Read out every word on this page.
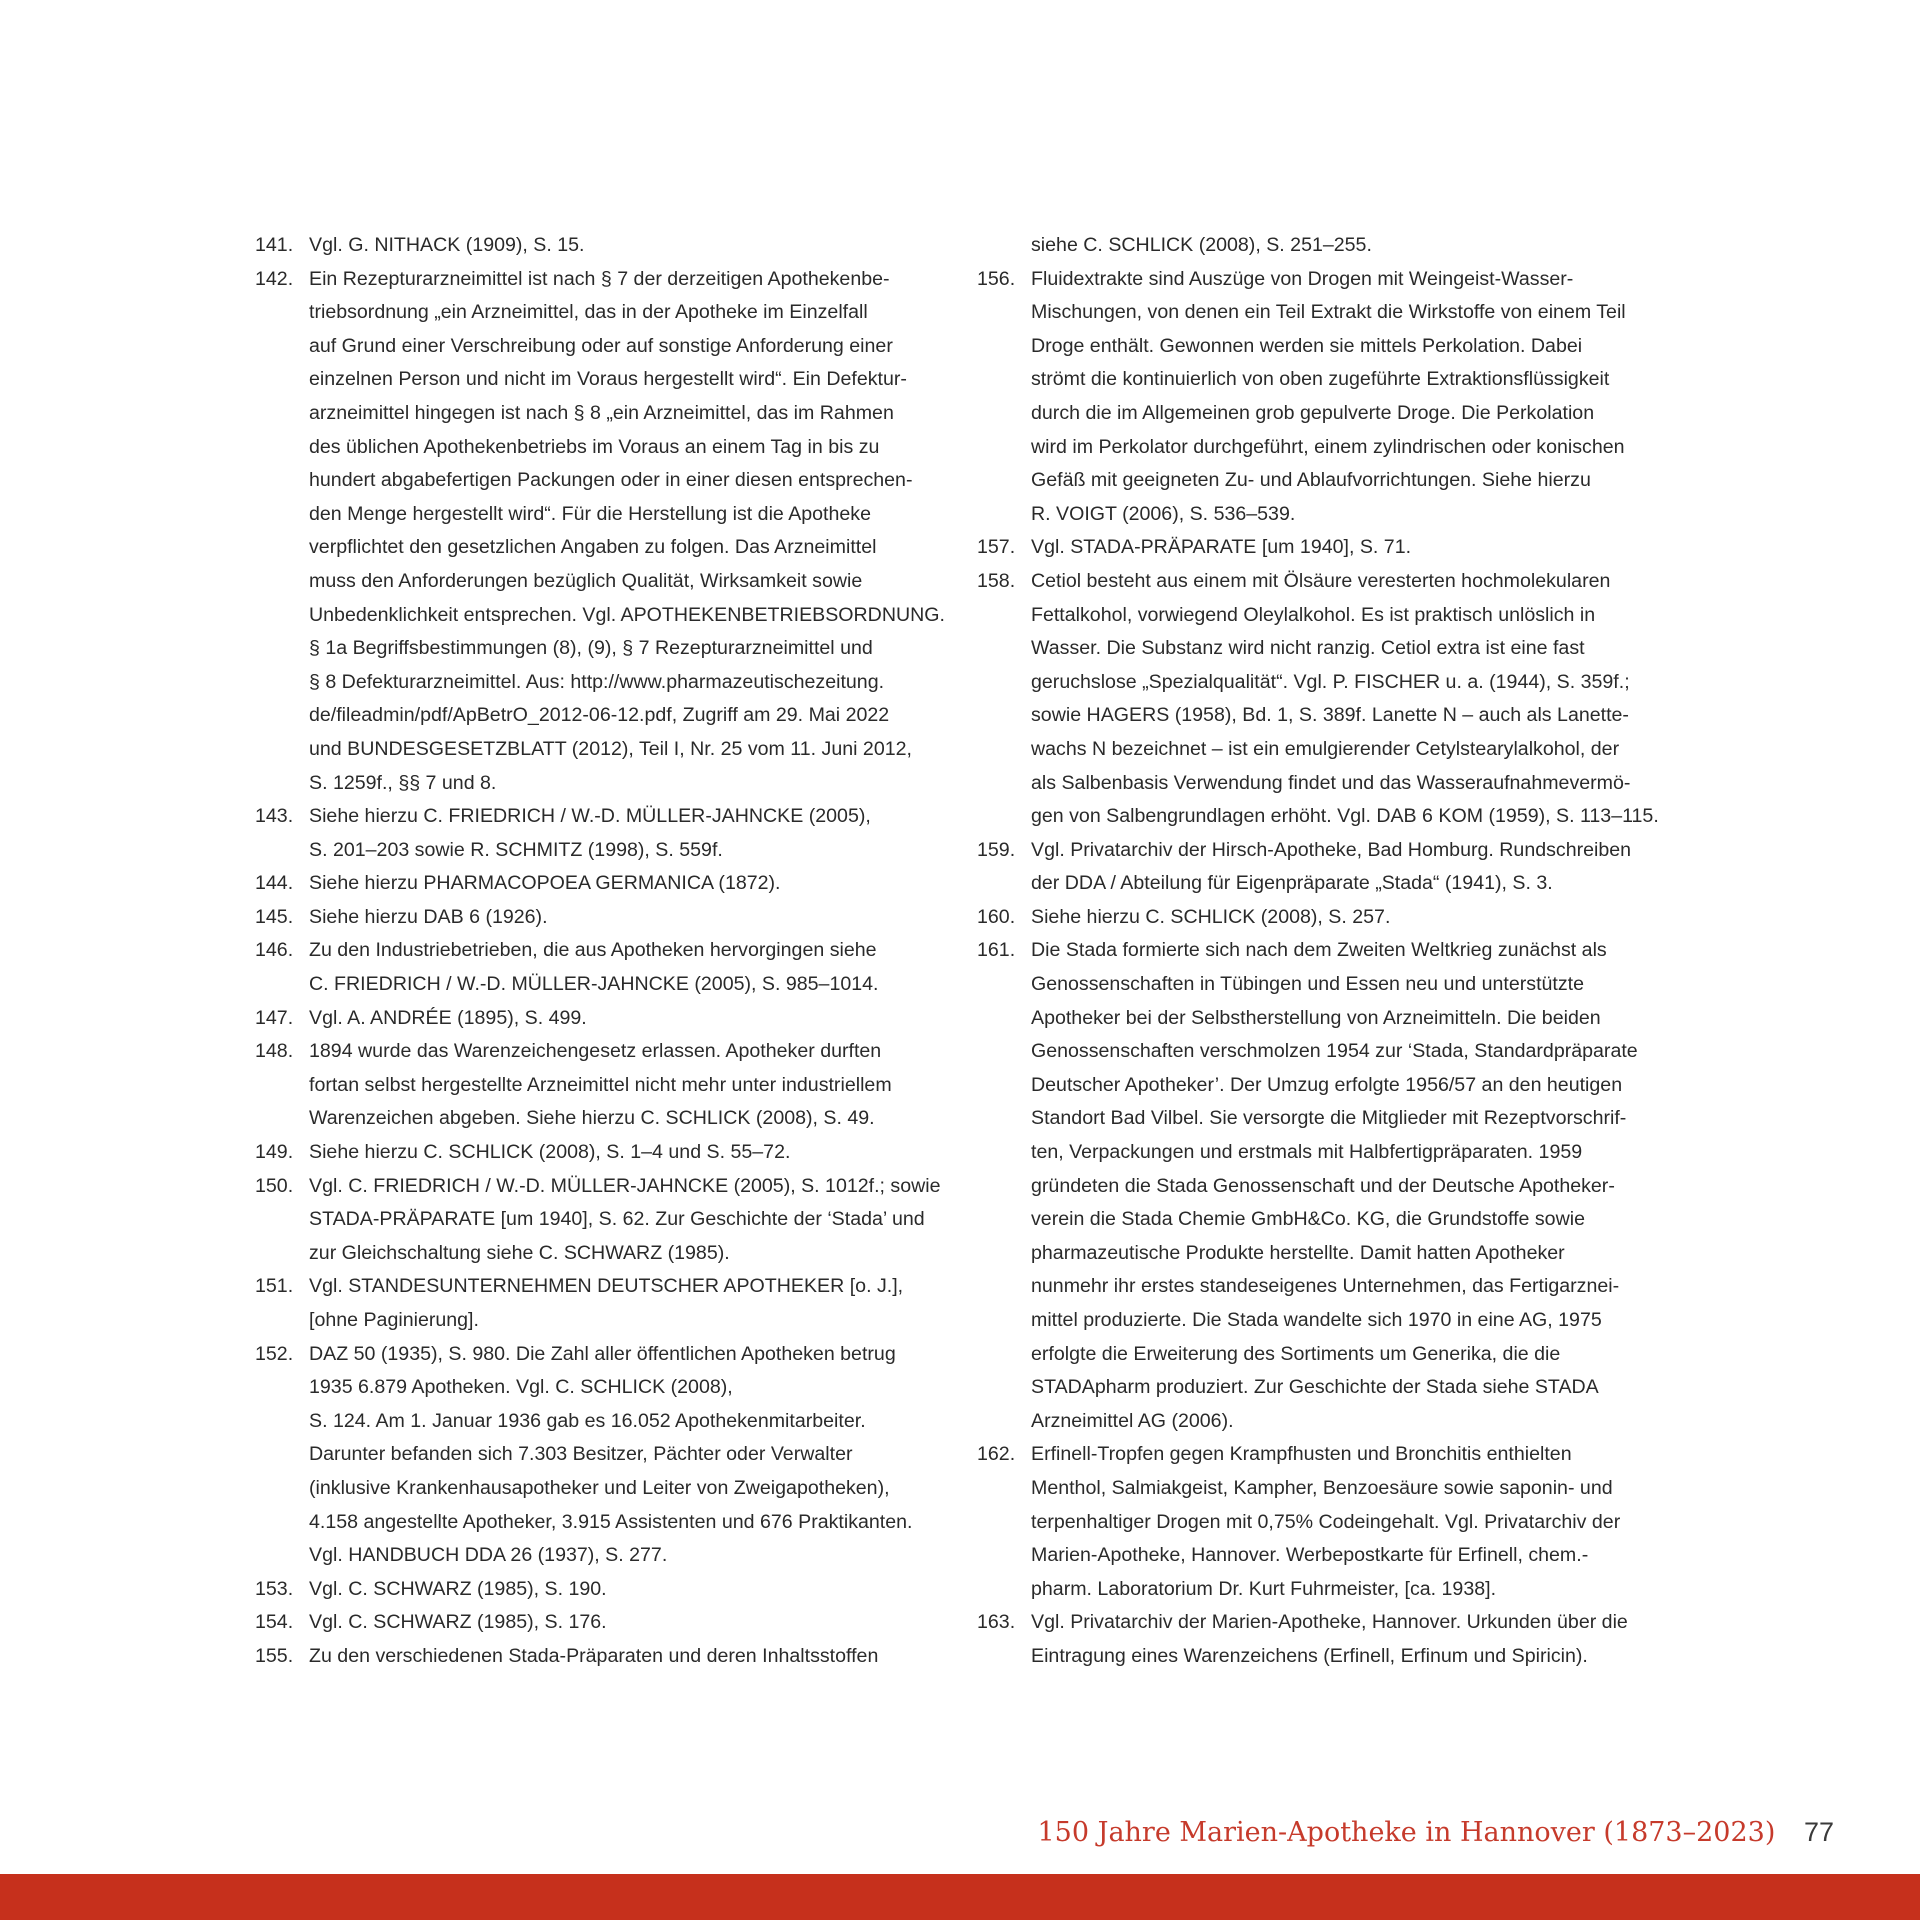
141. Vgl. G. NITHACK (1909), S. 15.
142. Ein Rezepturarzneimittel ist nach § 7 der derzeitigen Apothekenbe-
triebsordnung „ein Arzneimittel, das in der Apotheke im Einzelfall
auf Grund einer Verschreibung oder auf sonstige Anforderung einer
einzelnen Person und nicht im Voraus hergestellt wird“. Ein Defektur-
arzneimittel hingegen ist nach § 8 „ein Arzneimittel, das im Rahmen
des üblichen Apothekenbetriebs im Voraus an einem Tag in bis zu
hundert abgabefertigen Packungen oder in einer diesen entsprechen-
den Menge hergestellt wird“. Für die Herstellung ist die Apotheke
verpflichtet den gesetzlichen Angaben zu folgen. Das Arzneimittel
muss den Anforderungen bezüglich Qualität, Wirksamkeit sowie
Unbedenklichkeit entsprechen. Vgl. APOTHEKENBETRIEBSORDNUNG.
§ 1a Begriffsbestimmungen (8), (9), § 7 Rezepturarzneimittel und
§ 8 Defekturarzneimittel. Aus: http://www.pharmazeutischezeitung.
de/fileadmin/pdf/ApBetrO_2012-06-12.pdf, Zugriff am 29. Mai 2022
und BUNDESGESETZBLATT (2012), Teil I, Nr. 25 vom 11. Juni 2012,
S. 1259f., §§ 7 und 8.
143. Siehe hierzu C. FRIEDRICH / W.-D. MÜLLER-JAHNCKE (2005),
S. 201–203 sowie R. SCHMITZ (1998), S. 559f.
144. Siehe hierzu PHARMACOPOEA GERMANICA (1872).
145. Siehe hierzu DAB 6 (1926).
146. Zu den Industriebetrieben, die aus Apotheken hervorgingen siehe
C. FRIEDRICH / W.-D. MÜLLER-JAHNCKE (2005), S. 985–1014.
147. Vgl. A. ANDRÉE (1895), S. 499.
148. 1894 wurde das Warenzeichengesetz erlassen. Apotheker durften
fortan selbst hergestellte Arzneimittel nicht mehr unter industriellem
Warenzeichen abgeben. Siehe hierzu C. SCHLICK (2008), S. 49.
149. Siehe hierzu C. SCHLICK (2008), S. 1–4 und S. 55–72.
150. Vgl. C. FRIEDRICH / W.-D. MÜLLER-JAHNCKE (2005), S. 1012f.; sowie
STADA-PRÄPARATE [um 1940], S. 62. Zur Geschichte der ‘Stada’ und
zur Gleichschaltung siehe C. SCHWARZ (1985).
151. Vgl. STANDESUNTERNEHMEN DEUTSCHER APOTHEKER [o. J.],
[ohne Paginierung].
152. DAZ 50 (1935), S. 980. Die Zahl aller öffentlichen Apotheken betrug
1935 6.879 Apotheken. Vgl. C. SCHLICK (2008),
S. 124. Am 1. Januar 1936 gab es 16.052 Apothekenmitarbeiter.
Darunter befanden sich 7.303 Besitzer, Pächter oder Verwalter
(inklusive Krankenhausapotheker und Leiter von Zweigapotheken),
4.158 angestellte Apotheker, 3.915 Assistenten und 676 Praktikanten.
Vgl. HANDBUCH DDA 26 (1937), S. 277.
153. Vgl. C. SCHWARZ (1985), S. 190.
154. Vgl. C. SCHWARZ (1985), S. 176.
155. Zu den verschiedenen Stada-Präparaten und deren Inhaltsstoffen
siehe C. SCHLICK (2008), S. 251–255.
156. Fluidextrakte sind Auszüge von Drogen mit Weingeist-Wasser-
Mischungen, von denen ein Teil Extrakt die Wirkstoffe von einem Teil
Droge enthält. Gewonnen werden sie mittels Perkolation. Dabei
strömt die kontinuierlich von oben zugeführte Extraktionsflüssigkeit
durch die im Allgemeinen grob gepulverte Droge. Die Perkolation
wird im Perkolator durchgeführt, einem zylindrischen oder konischen
Gefäß mit geeigneten Zu- und Ablaufvorrichtungen. Siehe hierzu
R. VOIGT (2006), S. 536–539.
157. Vgl. STADA-PRÄPARATE [um 1940], S. 71.
158. Cetiol besteht aus einem mit Ölsäure veresterten hochmolekularen
Fettalkohol, vorwiegend Oleylalkohol. Es ist praktisch unlöslich in
Wasser. Die Substanz wird nicht ranzig. Cetiol extra ist eine fast
geruchslose „Spezialqualität“. Vgl. P. FISCHER u. a. (1944), S. 359f.;
sowie HAGERS (1958), Bd. 1, S. 389f. Lanette N – auch als Lanette-
wachs N bezeichnet – ist ein emulgierender Cetylstearylalkohol, der
als Salbenbasis Verwendung findet und das Wasseraufnahmevermö-
gen von Salbengrundlagen erhöht. Vgl. DAB 6 KOM (1959), S. 113–115.
159. Vgl. Privatarchiv der Hirsch-Apotheke, Bad Homburg. Rundschreiben
der DDA / Abteilung für Eigenpräparate „Stada“ (1941), S. 3.
160. Siehe hierzu C. SCHLICK (2008), S. 257.
161. Die Stada formierte sich nach dem Zweiten Weltkrieg zunächst als
Genossenschaften in Tübingen und Essen neu und unterstützte
Apotheker bei der Selbstherstellung von Arzneimitteln. Die beiden
Genossenschaften verschmolzen 1954 zur ‘Stada, Standardpräparate
Deutscher Apotheker’. Der Umzug erfolgte 1956/57 an den heutigen
Standort Bad Vilbel. Sie versorgte die Mitglieder mit Rezeptvorschrif-
ten, Verpackungen und erstmals mit Halbfertigpräparaten. 1959
gründeten die Stada Genossenschaft und der Deutsche Apotheker-
verein die Stada Chemie GmbH&Co. KG, die Grundstoffe sowie
pharmazeutische Produkte herstellte. Damit hatten Apotheker
nunmehr ihr erstes standeseigenes Unternehmen, das Fertigarznei-
mittel produzierte. Die Stada wandelte sich 1970 in eine AG, 1975
erfolgte die Erweiterung des Sortiments um Generika, die die
STADApharm produziert. Zur Geschichte der Stada siehe STADA
Arzneimittel AG (2006).
162. Erfinell-Tropfen gegen Krampfhusten und Bronchitis enthielten
Menthol, Salmiakgeist, Kampher, Benzoesäure sowie saponin- und
terpenhaltiger Drogen mit 0,75% Codeingehalt. Vgl. Privatarchiv der
Marien-Apotheke, Hannover. Werbepostkarte für Erfinell, chem.-
pharm. Laboratorium Dr. Kurt Fuhrmeister, [ca. 1938].
163. Vgl. Privatarchiv der Marien-Apotheke, Hannover. Urkunden über die
Eintragung eines Warenzeichens (Erfinell, Erfinum und Spiricin).
150 Jahre Marien-Apotheke in Hannover (1873–2023) 77
